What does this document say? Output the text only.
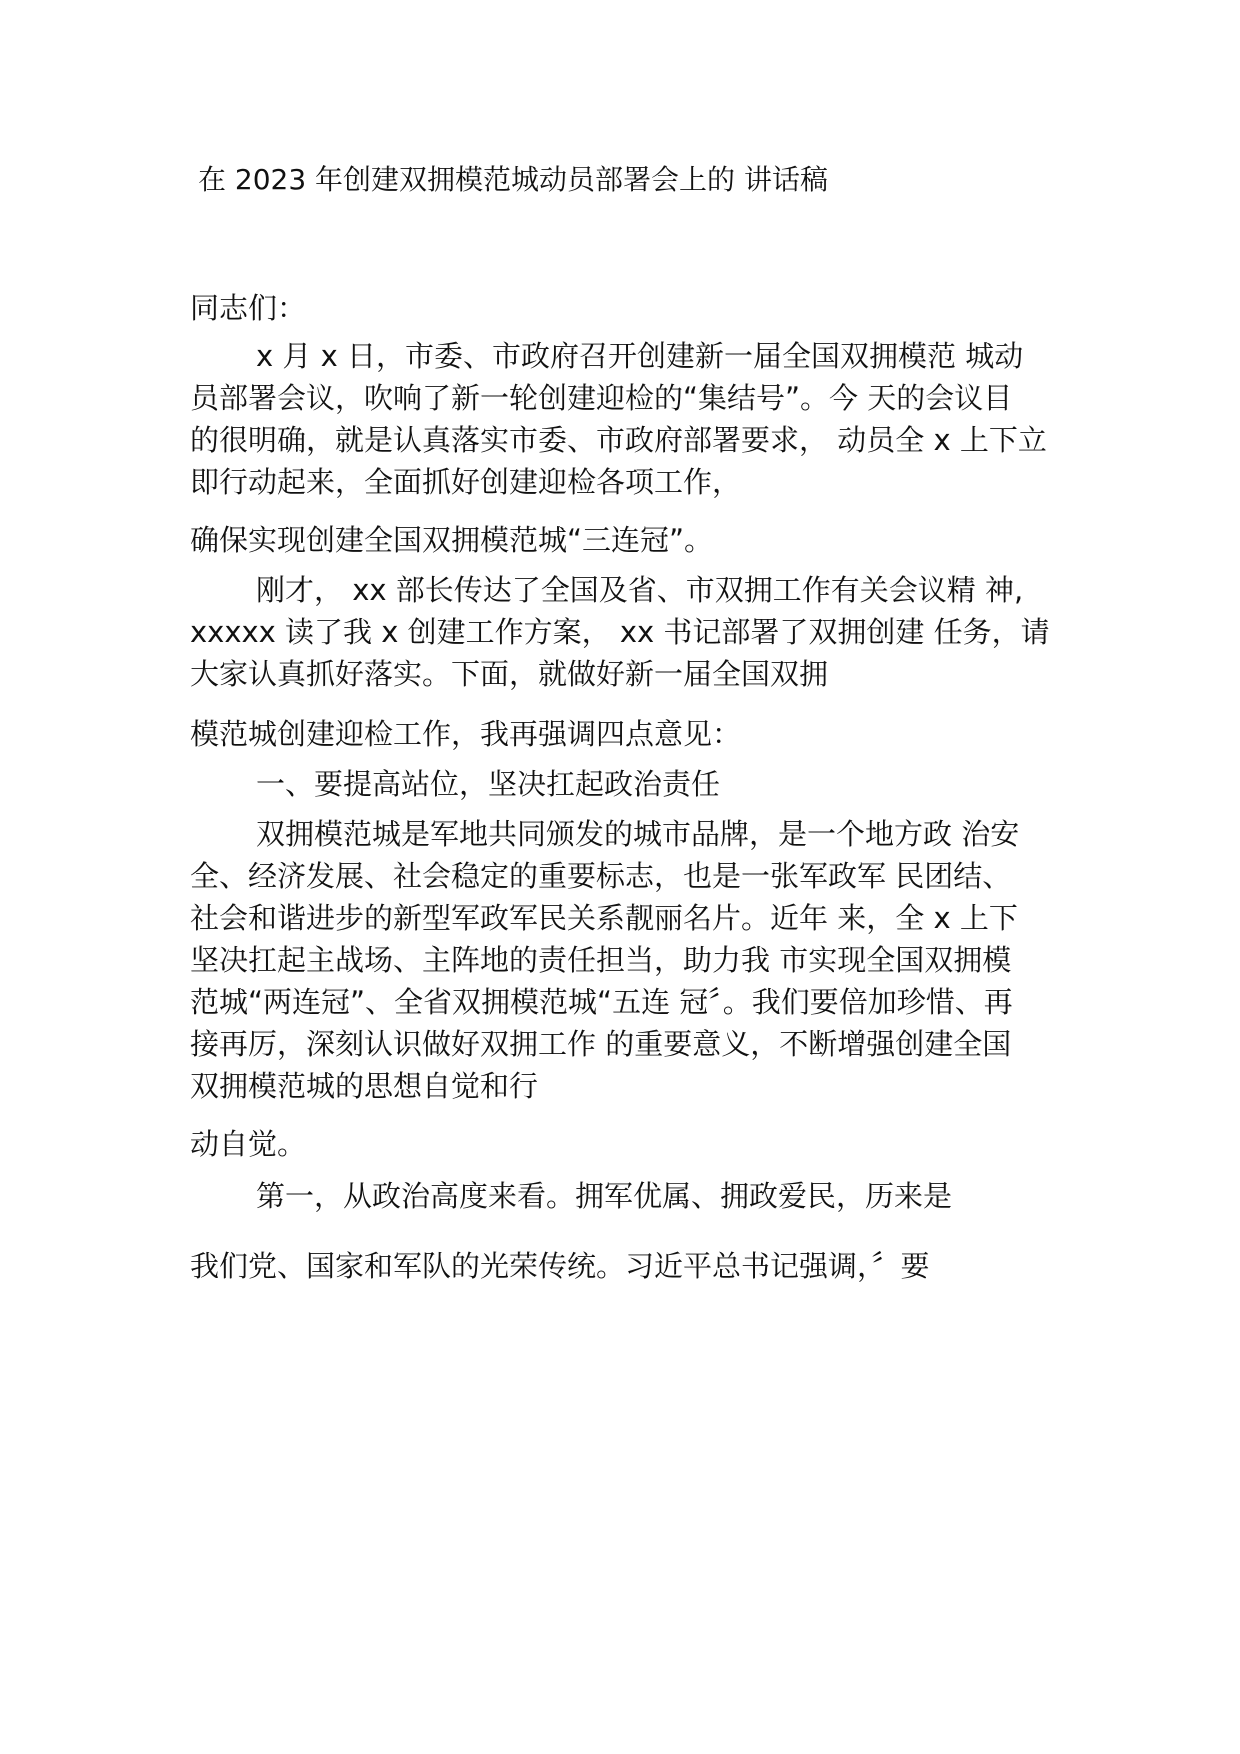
在 2023 年创建双拥模范城动员部署会上的 讲话稿

同志们：

x 月 x 日，市委、市政府召开创建新一届全国双拥模范 城动

员部署会议，吹响了新一轮创建迎检的“集结号”。今 天的会议目

的很明确，就是认真落实市委、市政府部署要求， 动员全 x 上下立

即行动起来，全面抓好创建迎检各项工作，

确保实现创建全国双拥模范城“三连冠”。

刚才， xx 部长传达了全国及省、市双拥工作有关会议精 神,

xxxxx 读了我 x 创建工作方案， xx 书记部署了双拥创建 任务，请

大家认真抓好落实。下面，就做好新一届全国双拥

模范城创建迎检工作，我再强调四点意见：

一、要提高站位，坚决扛起政治责任

双拥模范城是军地共同颁发的城市品牌，是一个地方政 治安

全、经济发展、社会稳定的重要标志，也是一张军政军 民团结、

社会和谐进步的新型军政军民关系靓丽名片。近年 来，全 x 上下

坚决扛起主战场、主阵地的责任担当，助力我 市实现全国双拥模

范城“两连冠”、全省双拥模范城“五连 冠〞。我们要倍加珍惜、再

接再厉，深刻认识做好双拥工作 的重要意义，不断增强创建全国

双拥模范城的思想自觉和行

动自觉。

第一，从政治高度来看。拥军优属、拥政爱民，历来是

我们党、国家和军队的光荣传统。习近平总书记强调，〞要
